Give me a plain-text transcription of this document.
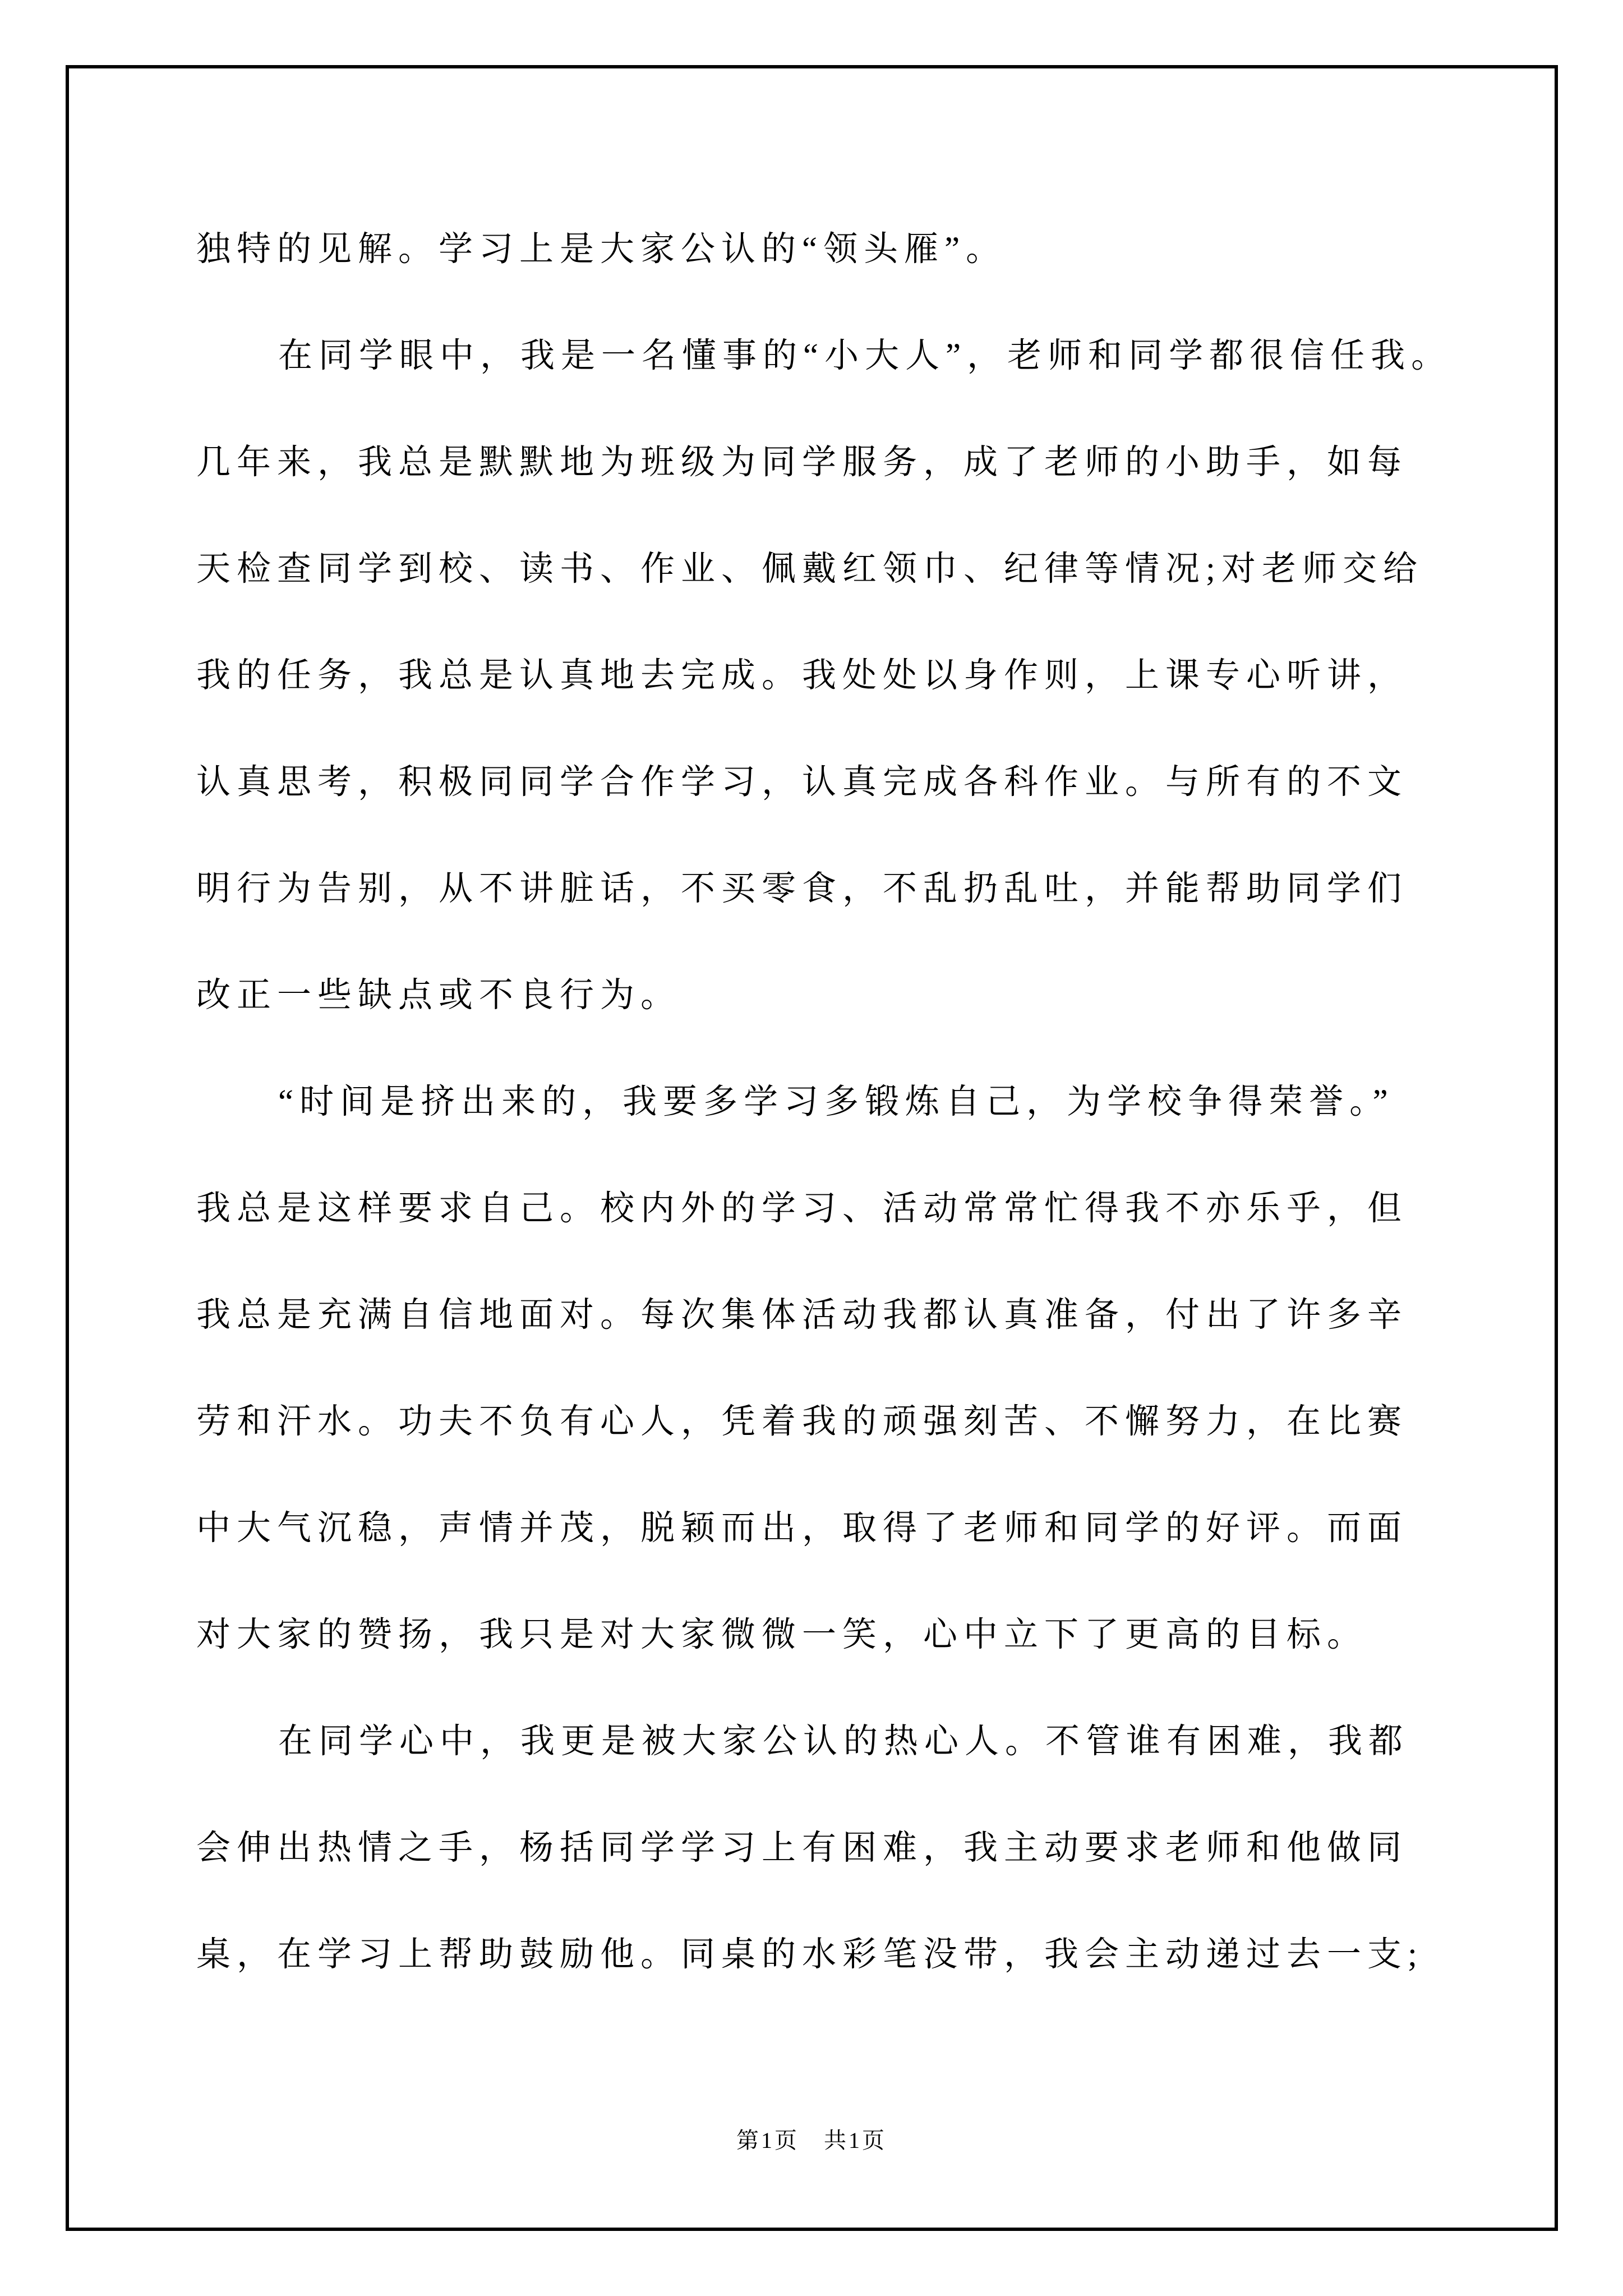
独特的见解。学习上是大家公认的“领头雁”。
在同学眼中，我是一名懂事的“小大人”，老师和同学都很信任我。
几年来，我总是默默地为班级为同学服务，成了老师的小助手，如每
天检查同学到校、读书、作业、佩戴红领巾、纪律等情况;对老师交给
我的任务，我总是认真地去完成。我处处以身作则，上课专心听讲，
认真思考，积极同同学合作学习，认真完成各科作业。与所有的不文
明行为告别，从不讲脏话，不买零食，不乱扔乱吐，并能帮助同学们
改正一些缺点或不良行为。
“时间是挤出来的，我要多学习多锻炼自己，为学校争得荣誉。”
我总是这样要求自己。校内外的学习、活动常常忙得我不亦乐乎，但
我总是充满自信地面对。每次集体活动我都认真准备，付出了许多辛
劳和汗水。功夫不负有心人，凭着我的顽强刻苦、不懈努力，在比赛
中大气沉稳，声情并茂，脱颖而出，取得了老师和同学的好评。而面
对大家的赞扬，我只是对大家微微一笑，心中立下了更高的目标。
在同学心中，我更是被大家公认的热心人。不管谁有困难，我都
会伸出热情之手，杨括同学学习上有困难，我主动要求老师和他做同
桌，在学习上帮助鼓励他。同桌的水彩笔没带，我会主动递过去一支;
第1页　共1页
